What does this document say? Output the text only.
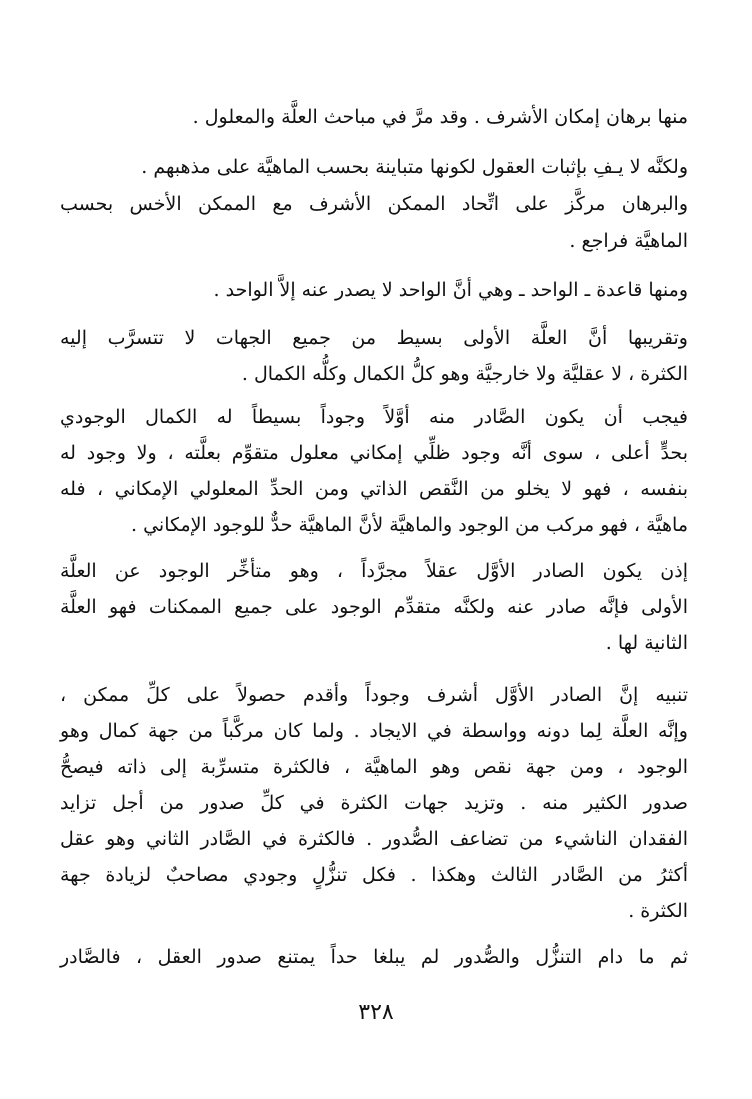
منها برهان إمكان الأشرف . وقد مرَّ في مباحث العلَّة والمعلول .
ولكنَّه لا يـفِ بإثبات العقول لكونها متباينة بحسب الماهيَّة على مذهبهم .
والبرهان مركَّز على اتِّحاد الممكن الأشرف مع الممكن الأخس بحسب
الماهيَّة فراجع .
ومنها قاعدة ـ الواحد ـ وهي أنَّ الواحد لا يصدر عنه إلاَّ الواحد .
وتقريبها أنَّ العلَّة الأولى بسيط من جميع الجهات لا تتسرَّب إليه
الكثرة ، لا عقليَّة ولا خارجيَّة وهو كلُّ الكمال وكلُّه الكمال .
فيجب أن يكون الصَّادر منه أوَّلاً وجوداً بسيطاً له الكمال الوجودي
بحدٍّ أعلى ، سوى أنَّه وجود ظلِّي إمكاني معلول متقوِّم بعلَّته ، ولا وجود له
بنفسه ، فهو لا يخلو من النَّقص الذاتي ومن الحدِّ المعلولي الإمكاني ، فله
ماهيَّة ، فهو مركب من الوجود والماهيَّة لأنَّ الماهيَّة حدٌّ للوجود الإمكاني .
إذن يكون الصادر الأوَّل عقلاً مجرَّداً ، وهو متأخِّر الوجود عن العلَّة
الأولى فإنَّه صادر عنه ولكنَّه متقدِّم الوجود على جميع الممكنات فهو العلَّة
الثانية لها .
تنبيه إنَّ الصادر الأوَّل أشرف وجوداً وأقدم حصولاً على كلِّ ممكن ،
وإنَّه العلَّة لِما دونه وواسطة في الايجاد . ولما كان مركَّباً من جهة كمال وهو
الوجود ، ومن جهة نقص وهو الماهيَّة ، فالكثرة متسرِّبة إلى ذاته فيصحُّ
صدور الكثير منه . وتزيد جهات الكثرة في كلِّ صدور من أجل تزايد
الفقدان الناشيء من تضاعف الصُّدور . فالكثرة في الصَّادر الثاني وهو عقل
أكثرُ من الصَّادر الثالث وهكذا . فكل تنزُّلٍ وجودي مصاحبٌ لزيادة جهة
الكثرة .
ثم ما دام التنزُّل والصُّدور لم يبلغا حداً يمتنع صدور العقل ، فالصَّادر
٣٢٨
